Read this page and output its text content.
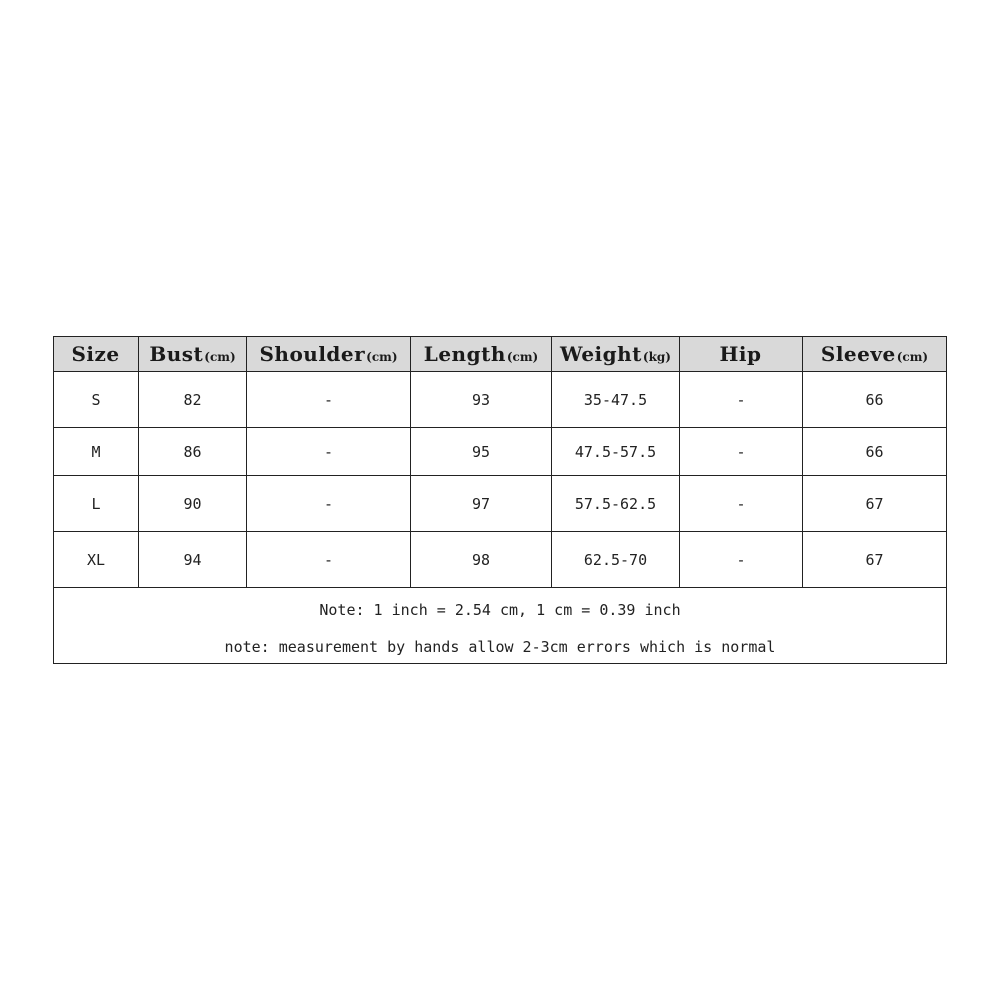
Size	Bust(cm)	Shoulder(cm)	Length(cm)	Weight(kg)	Hip	Sleeve(cm)
S	82	-	93	35-47.5	-	66
M	86	-	95	47.5-57.5	-	66
L	90	-	97	57.5-62.5	-	67
XL	94	-	98	62.5-70	-	67

Note: 1 inch = 2.54 cm, 1 cm = 0.39 inch
note: measurement by hands allow 2-3cm errors which is normal						
